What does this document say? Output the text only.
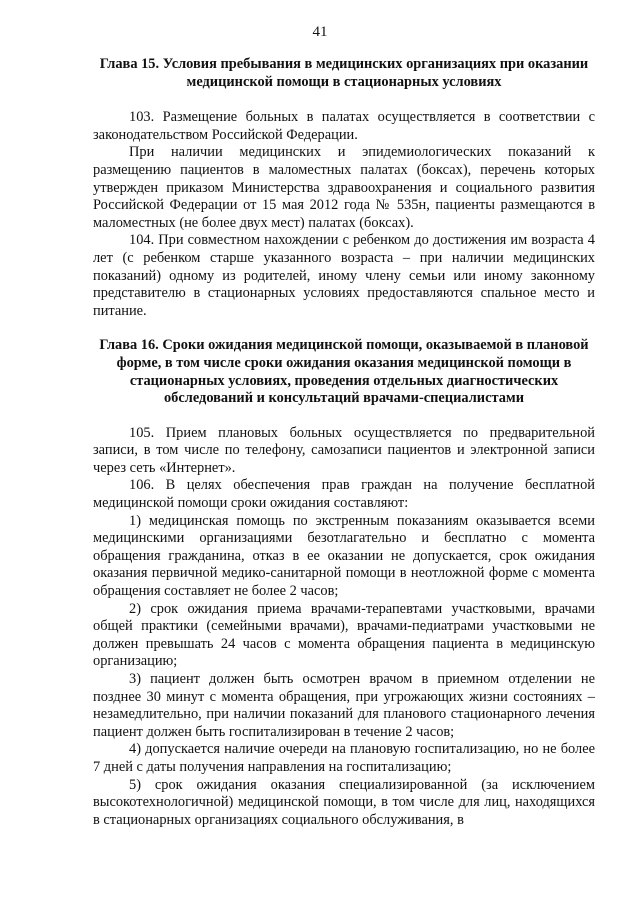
41
Глава 15. Условия пребывания в медицинских организациях при оказании медицинской помощи в стационарных условиях

103. Размещение больных в палатах осуществляется в соответствии с законодательством Российской Федерации.

При наличии медицинских и эпидемиологических показаний к размещению пациентов в маломестных палатах (боксах), перечень которых утвержден приказом Министерства здравоохранения и социального развития Российской Федерации от 15 мая 2012 года № 535н, пациенты размещаются в маломестных (не более двух мест) палатах (боксах).

104. При совместном нахождении с ребенком до достижения им возраста 4 лет (с ребенком старше указанного возраста – при наличии медицинских показаний) одному из родителей, иному члену семьи или иному законному представителю в стационарных условиях предоставляются спальное место и питание.

Глава 16. Сроки ожидания медицинской помощи, оказываемой в плановой форме, в том числе сроки ожидания оказания медицинской помощи в стационарных условиях, проведения отдельных диагностических обследований и консультаций врачами-специалистами

105. Прием плановых больных осуществляется по предварительной записи, в том числе по телефону, самозаписи пациентов и электронной записи через сеть «Интернет».

106. В целях обеспечения прав граждан на получение бесплатной медицинской помощи сроки ожидания составляют:

1) медицинская помощь по экстренным показаниям оказывается всеми медицинскими организациями безотлагательно и бесплатно с момента обращения гражданина, отказ в ее оказании не допускается, срок ожидания оказания первичной медико-санитарной помощи в неотложной форме с момента обращения составляет не более 2 часов;

2) срок ожидания приема врачами-терапевтами участковыми, врачами общей практики (семейными врачами), врачами-педиатрами участковыми не должен превышать 24 часов с момента обращения пациента в медицинскую организацию;

3) пациент должен быть осмотрен врачом в приемном отделении не позднее 30 минут с момента обращения, при угрожающих жизни состояниях – незамедлительно, при наличии показаний для планового стационарного лечения пациент должен быть госпитализирован в течение 2 часов;

4) допускается наличие очереди на плановую госпитализацию, но не более 7 дней с даты получения направления на госпитализацию;

5) срок ожидания оказания специализированной (за исключением высокотехнологичной) медицинской помощи, в том числе для лиц, находящихся в стационарных организациях социального обслуживания, в
